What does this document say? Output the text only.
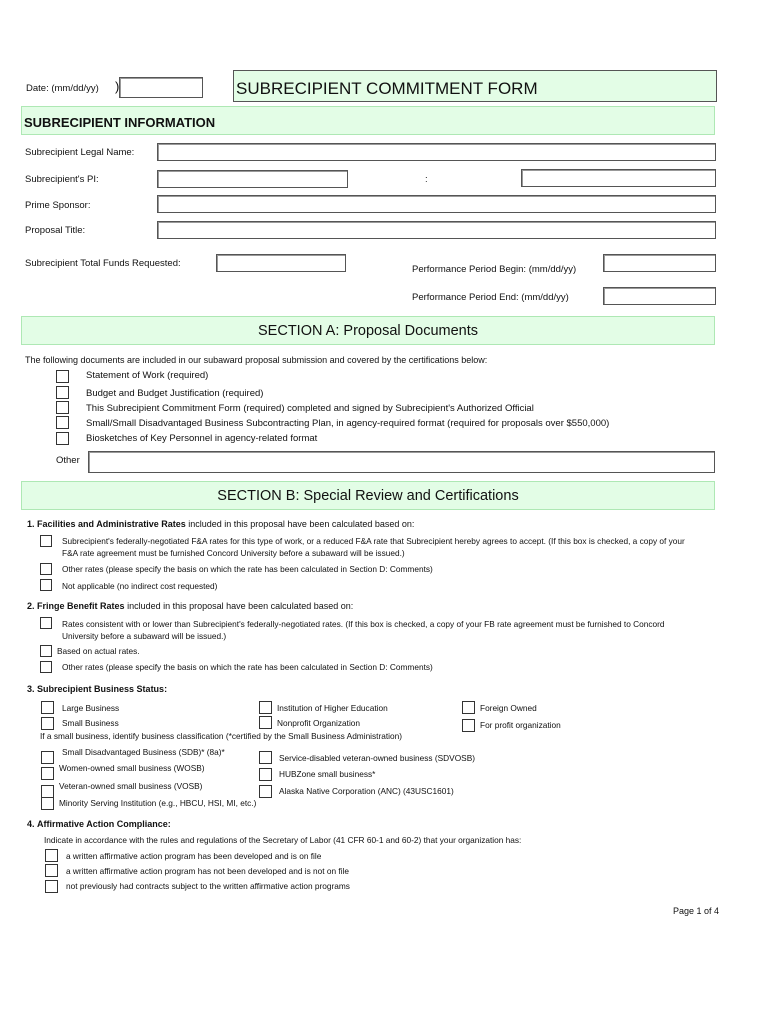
Date: (mm/dd/yy) )	SUBRECIPIENT COMMITMENT FORM
SUBRECIPIENT INFORMATION
Subrecipient Legal Name:
Subrecipient's PI:	:
Prime Sponsor:
Proposal Title:
Subrecipient Total Funds Requested:
Performance Period Begin: (mm/dd/yy)
Performance Period End: (mm/dd/yy)
SECTION A: Proposal Documents
The following documents are included in our subaward proposal submission and covered by the certifications below:
Statement of Work (required)
Budget and Budget Justification (required)
This Subrecipient Commitment Form (required) completed and signed by Subrecipient's Authorized Official
Small/Small Disadvantaged Business Subcontracting Plan, in agency-required format (required for proposals over $550,000)
Biosketches of Key Personnel in agency-related format
Other
SECTION B: Special Review and Certifications
1. Facilities and Administrative Rates included in this proposal have been calculated based on:
Subrecipient's federally-negotiated F&A rates for this type of work, or a reduced F&A rate that Subrecipient hereby agrees to accept. (If this box is checked, a copy of your
F&A rate agreement must be furnished Concord University before a subaward will be issued.)
Other rates (please specify the basis on which the rate has been calculated in Section D: Comments)
Not applicable (no indirect cost requested)
2. Fringe Benefit Rates included in this proposal have been calculated based on:
Rates consistent with or lower than Subrecipient's federally-negotiated rates. (If this box is checked, a copy of your FB rate agreement must be furnished to Concord
University before a subaward will be issued.)
Based on actual rates.
Other rates (please specify the basis on which the rate has been calculated in Section D: Comments)
3. Subrecipient Business Status:
Large Business
Small Business
Institution of Higher Education
Nonprofit Organization
Foreign Owned
For profit organization
If a small business, identify business classification (*certified by the Small Business Administration)
Small Disadvantaged Business (SDB)* (8a)*
Women-owned small business (WOSB)
Veteran-owned small business (VOSB)
Minority Serving Institution (e.g., HBCU, HSI, MI, etc.)
Service-disabled veteran-owned business (SDVOSB)
HUBZone small business*
Alaska Native Corporation (ANC) (43USC1601)
4. Affirmative Action Compliance:
Indicate in accordance with the rules and regulations of the Secretary of Labor (41 CFR 60-1 and 60-2) that your organization has:
a written affirmative action program has been developed and is on file
a written affirmative action program has not been developed and is not on file
not previously had contracts subject to the written affirmative action programs
Page 1 of 4
